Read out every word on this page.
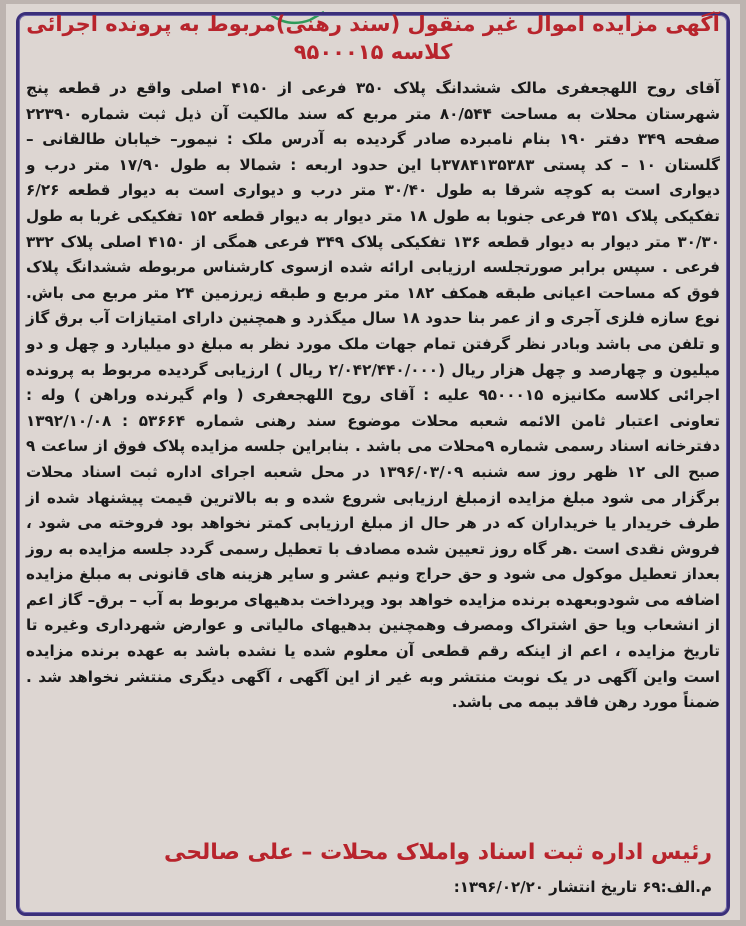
آگهی مزایده اموال غیر منقول (سند رهنی)مربوط به پرونده اجرائی
کلاسه ۹۵۰۰۰۱۵
آقای روح اللهجعفری مالک ششدانگ پلاک ۳۵۰ فرعی از ۴۱۵۰ اصلی واقع در قطعه پنج شهرستان محلات به مساحت ۸۰/۵۴۴ متر مربع که سند مالکیت آن ذیل ثبت شماره ۲۲۳۹۰ صفحه ۳۴۹ دفتر ۱۹۰ بنام نامبرده صادر گردیده به آدرس ملک : نیمور– خیابان طالقانی – گلستان ۱۰ – کد پستی ۳۷۸۴۱۳۵۳۸۳با این حدود اربعه : شمالا به طول ۱۷/۹۰ متر درب و دیواری است به کوچه شرقا به طول ۳۰/۴۰ متر درب و دیواری است به دیوار قطعه ۶/۲۶ تفکیکی پلاک ۳۵۱ فرعی جنوبا به طول ۱۸ متر دیوار به دیوار قطعه ۱۵۲ تفکیکی غربا به طول ۳۰/۳۰ متر دیوار به دیوار قطعه ۱۳۶ تفکیکی پلاک ۳۴۹ فرعی همگی از ۴۱۵۰ اصلی پلاک ۳۳۲ فرعی . سپس برابر صورتجلسه ارزیابی ارائه شده ازسوی کارشناس مربوطه ششدانگ پلاک فوق که مساحت اعیانی طبقه همکف ۱۸۲ متر مربع و طبقه زیرزمین ۲۴ متر مربع می باش. نوع سازه فلزی آجری و از عمر بنا حدود ۱۸ سال میگذرد و همچنین دارای امتیازات آب برق گاز و تلفن می باشد وبادر نظر گرفتن تمام جهات ملک مورد نظر به مبلغ دو میلیارد و چهل و دو میلیون و چهارصد و چهل هزار ریال (۲/۰۴۲/۴۴۰/۰۰۰ ریال ) ارزیابی گردیده مربوط به پرونده اجرائی کلاسه مکانیزه ۹۵۰۰۰۱۵ علیه : آقای روح اللهجعفری ( وام گیرنده وراهن ) وله : تعاونی اعتبار ثامن الائمه شعبه محلات موضوع سند رهنی شماره ۵۳۶۶۴ : ۱۳۹۲/۱۰/۰۸ دفترخانه اسناد رسمی شماره ۹محلات می باشد . بنابراین جلسه مزایده پلاک فوق از ساعت ۹ صبح الی ۱۲ ظهر روز سه شنبه ۱۳۹۶/۰۳/۰۹ در محل شعبه اجرای اداره ثبت اسناد محلات برگزار می شود مبلغ مزایده ازمبلغ ارزیابی شروع شده و به بالاترین قیمت پیشنهاد شده از طرف خریدار یا خریداران که در هر حال از مبلغ ارزیابی کمتر نخواهد بود فروخته می شود ، فروش نقدی است .هر گاه روز تعیین شده مصادف با تعطیل رسمی گردد جلسه مزایده به روز بعداز تعطیل موکول می شود و حق حراج ونیم عشر و سایر هزینه های قانونی به مبلغ مزایده اضافه می شودوبعهده برنده مزایده خواهد بود وپرداخت بدهیهای مربوط به آب – برق– گاز اعم از انشعاب ویا حق اشتراک ومصرف وهمچنین بدهیهای مالیاتی و عوارض شهرداری وغیره تا تاریخ مزایده ، اعم از اینکه رقم قطعی آن معلوم شده یا نشده باشد به عهده برنده مزایده است واین آگهی در یک نوبت منتشر وبه غیر از این آگهی ، آگهی دیگری منتشر نخواهد شد . ضمناً مورد رهن فاقد بیمه می باشد.
رئیس اداره ثبت اسناد واملاک محلات – علی صالحی
م.الف:۶۹ تاریخ انتشار ۱۳۹۶/۰۲/۲۰:
